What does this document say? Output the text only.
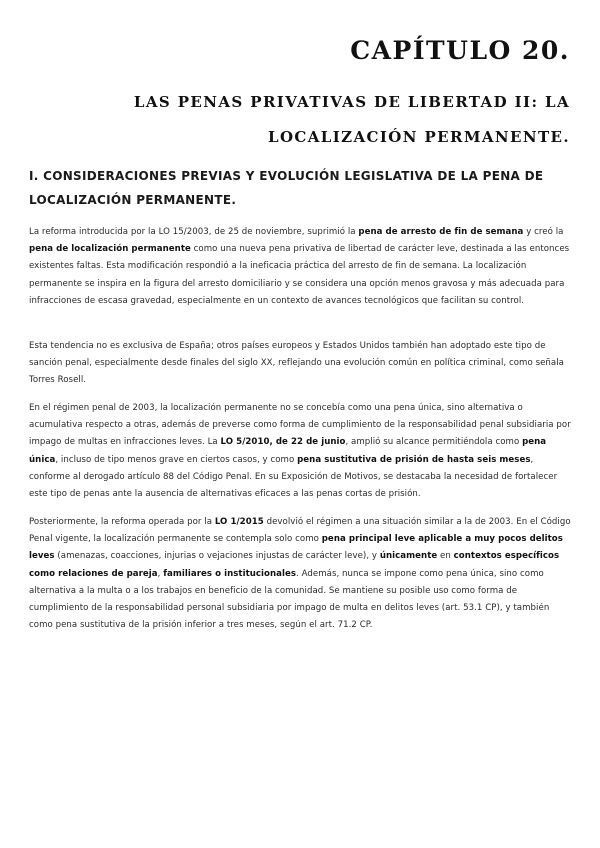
CAPÍTULO 20.
LAS PENAS PRIVATIVAS DE LIBERTAD II: LA
LOCALIZACIÓN PERMANENTE.
I. CONSIDERACIONES PREVIAS Y EVOLUCIÓN LEGISLATIVA DE LA PENA DE LOCALIZACIÓN PERMANENTE.

La reforma introducida por la LO 15/2003, de 25 de noviembre, suprimió la pena de arresto de fin de semana y creó la pena de localización permanente como una nueva pena privativa de libertad de carácter leve, destinada a las entonces existentes faltas. Esta modificación respondió a la ineficacia práctica del arresto de fin de semana. La localización permanente se inspira en la figura del arresto domiciliario y se considera una opción menos gravosa y más adecuada para infracciones de escasa gravedad, especialmente en un contexto de avances tecnológicos que facilitan su control.

Esta tendencia no es exclusiva de España; otros países europeos y Estados Unidos también han adoptado este tipo de sanción penal, especialmente desde finales del siglo XX, reflejando una evolución común en política criminal, como señala Torres Rosell.

En el régimen penal de 2003, la localización permanente no se concebía como una pena única, sino alternativa o acumulativa respecto a otras, además de preverse como forma de cumplimiento de la responsabilidad penal subsidiaria por impago de multas en infracciones leves. La LO 5/2010, de 22 de junio, amplió su alcance permitiéndola como pena única, incluso de tipo menos grave en ciertos casos, y como pena sustitutiva de prisión de hasta seis meses, conforme al derogado artículo 88 del Código Penal. En su Exposición de Motivos, se destacaba la necesidad de fortalecer este tipo de penas ante la ausencia de alternativas eficaces a las penas cortas de prisión.

Posteriormente, la reforma operada por la LO 1/2015 devolvió el régimen a una situación similar a la de 2003. En el Código Penal vigente, la localización permanente se contempla solo como pena principal leve aplicable a muy pocos delitos leves (amenazas, coacciones, injurias o vejaciones injustas de carácter leve), y únicamente en contextos específicos como relaciones de pareja, familiares o institucionales. Además, nunca se impone como pena única, sino como alternativa a la multa o a los trabajos en beneficio de la comunidad. Se mantiene su posible uso como forma de cumplimiento de la responsabilidad personal subsidiaria por impago de multa en delitos leves (art. 53.1 CP), y también como pena sustitutiva de la prisión inferior a tres meses, según el art. 71.2 CP.
